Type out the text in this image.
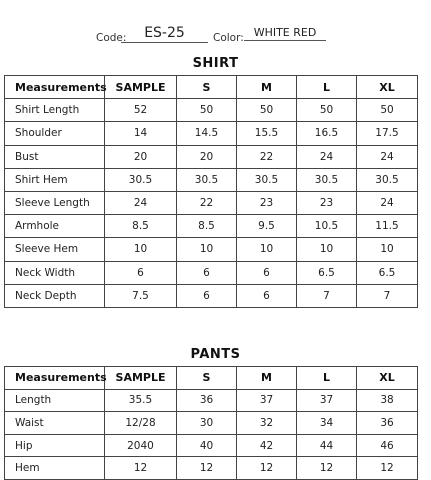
Code:	ES-25	Color: WHITE RED
SHIRT
Measurements	SAMPLE	S	M	L	XL
Shirt Length	52	50	50	50	50
Shoulder	14	14.5	15.5	16.5	17.5
Bust	20	20	22	24	24
Shirt Hem	30.5	30.5	30.5	30.5	30.5
Sleeve Length	24	22	23	23	24
Armhole	8.5	8.5	9.5	10.5	11.5
Sleeve Hem	10	10	10	10	10
Neck Width	6	6	6	6.5	6.5
Neck Depth	7.5	6	6	7	7
PANTS
Measurements	SAMPLE	S	M	L	XL
Length	35.5	36	37	37	38
Waist	12/28	30	32	34	36
Hip	2040	40	42	44	46
Hem	12	12	12	12	12
